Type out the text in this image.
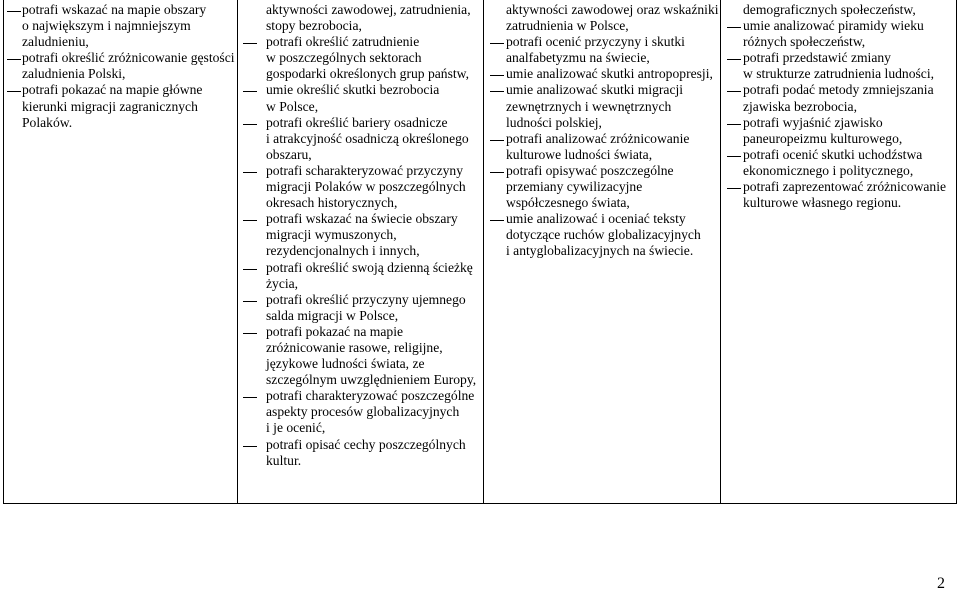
potrafi wskazać na mapie obszary
o największym i najmniejszym
zaludnieniu,
potrafi określić zróżnicowanie gęstości
zaludnienia Polski,
potrafi pokazać na mapie główne
kierunki migracji zagranicznych
Polaków.
aktywności zawodowej, zatrudnienia,
stopy bezrobocia,
potrafi określić zatrudnienie
w poszczególnych sektorach
gospodarki określonych grup państw,
umie określić skutki bezrobocia
w Polsce,
potrafi określić bariery osadnicze
i atrakcyjność osadniczą określonego
obszaru,
potrafi scharakteryzować przyczyny
migracji Polaków w poszczególnych
okresach historycznych,
potrafi wskazać na świecie obszary
migracji wymuszonych,
rezydencjonalnych i innych,
potrafi określić swoją dzienną ścieżkę
życia,
potrafi określić przyczyny ujemnego
salda migracji w Polsce,
potrafi pokazać na mapie
zróżnicowanie rasowe, religijne,
językowe ludności świata, ze
szczególnym uwzględnieniem Europy,
potrafi charakteryzować poszczególne
aspekty procesów globalizacyjnych
i je ocenić,
potrafi opisać cechy poszczególnych
kultur.
aktywności zawodowej oraz wskaźniki
zatrudnienia w Polsce,
potrafi ocenić przyczyny i skutki
analfabetyzmu na świecie,
umie analizować skutki antropopresji,
umie analizować skutki migracji
zewnętrznych i wewnętrznych
ludności polskiej,
potrafi analizować zróżnicowanie
kulturowe ludności świata,
potrafi opisywać poszczególne
przemiany cywilizacyjne
współczesnego świata,
umie analizować i oceniać teksty
dotyczące ruchów globalizacyjnych
i antyglobalizacyjnych na świecie.
demograficznych społeczeństw,
umie analizować piramidy wieku
różnych społeczeństw,
potrafi przedstawić zmiany
w strukturze zatrudnienia ludności,
potrafi podać metody zmniejszania
zjawiska bezrobocia,
potrafi wyjaśnić zjawisko
paneuropeizmu kulturowego,
potrafi ocenić skutki uchodźstwa
ekonomicznego i politycznego,
potrafi zaprezentować zróżnicowanie
kulturowe własnego regionu.
2
